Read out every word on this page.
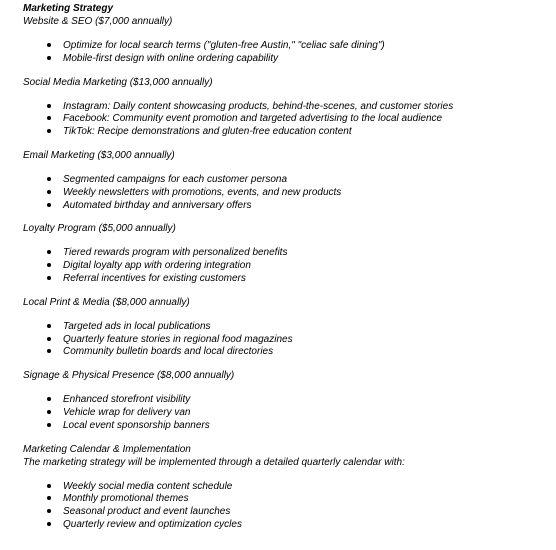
Marketing Strategy

Website & SEO ($7,000 annually)

Optimize for local search terms ("gluten-free Austin," "celiac safe dining")
Mobile-first design with online ordering capability

Social Media Marketing ($13,000 annually)

Instagram: Daily content showcasing products, behind-the-scenes, and customer stories
Facebook: Community event promotion and targeted advertising to the local audience
TikTok: Recipe demonstrations and gluten-free education content

Email Marketing ($3,000 annually)

Segmented campaigns for each customer persona
Weekly newsletters with promotions, events, and new products
Automated birthday and anniversary offers

Loyalty Program ($5,000 annually)

Tiered rewards program with personalized benefits
Digital loyalty app with ordering integration
Referral incentives for existing customers

Local Print & Media ($8,000 annually)

Targeted ads in local publications
Quarterly feature stories in regional food magazines
Community bulletin boards and local directories

Signage & Physical Presence ($8,000 annually)

Enhanced storefront visibility
Vehicle wrap for delivery van
Local event sponsorship banners

Marketing Calendar & Implementation

The marketing strategy will be implemented through a detailed quarterly calendar with:

Weekly social media content schedule
Monthly promotional themes
Seasonal product and event launches
Quarterly review and optimization cycles
